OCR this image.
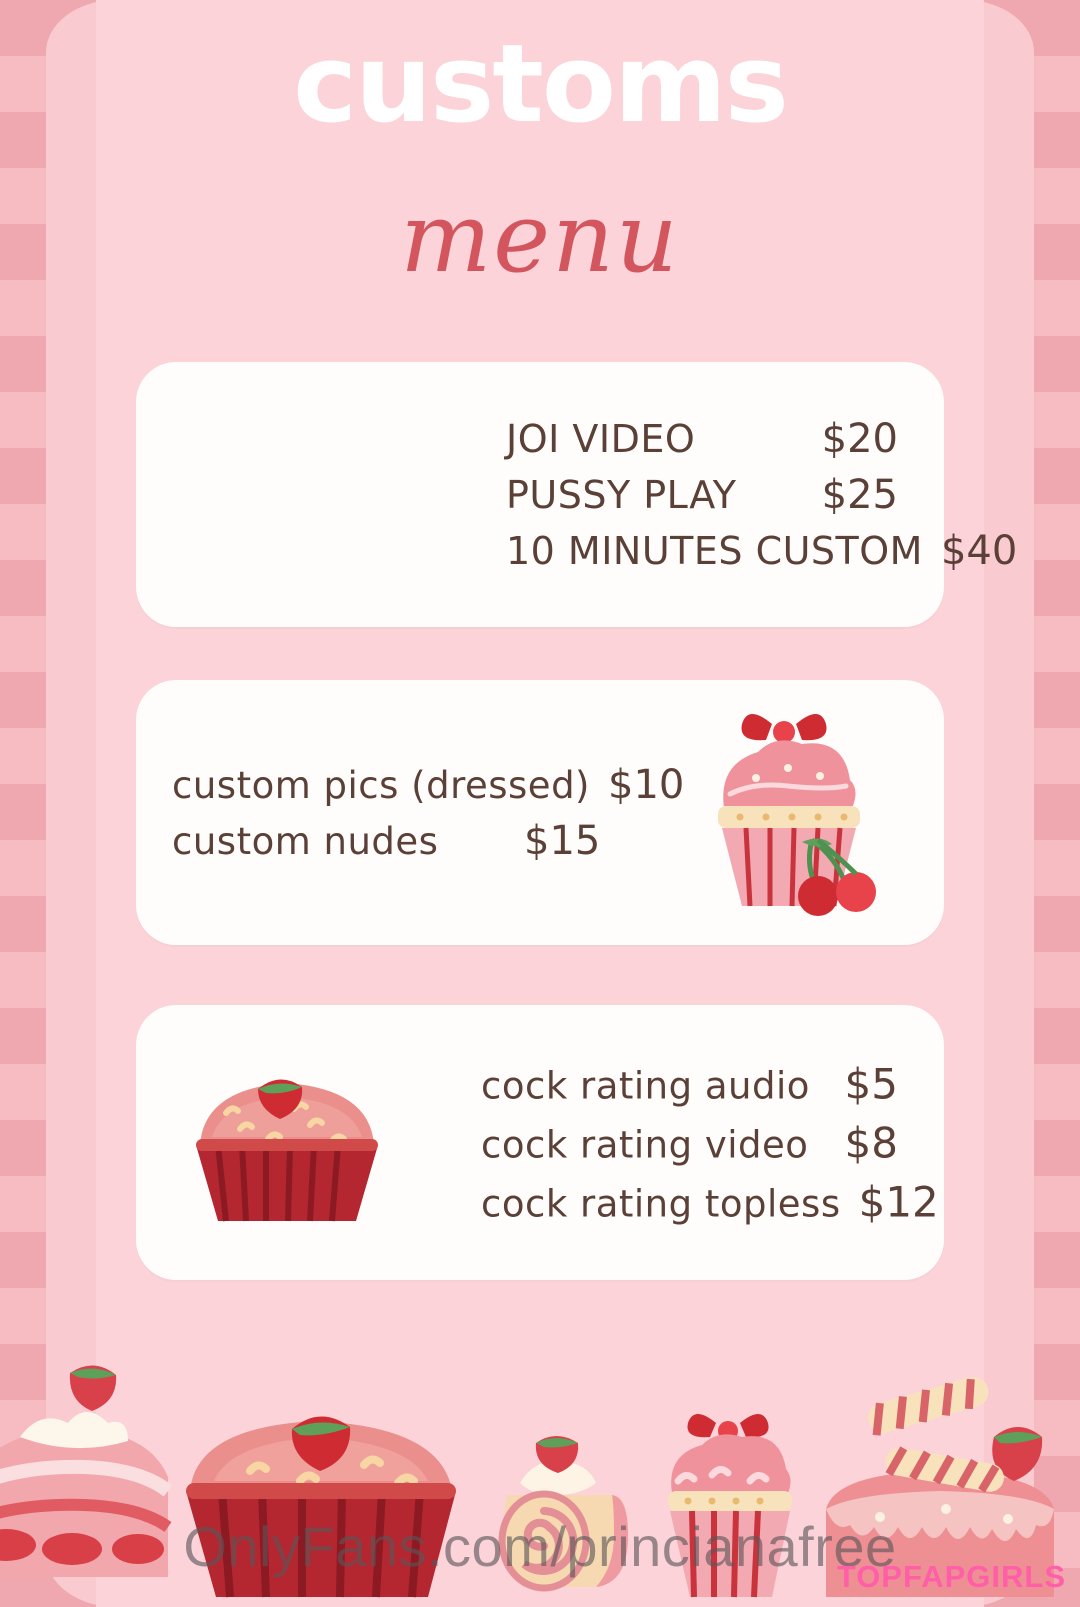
customs
menu
JOI VIDEO	$20
PUSSY PLAY $25
10 MINUTES CUSTOM $40
custom pics (dressed) $10
custom nudes	$15
cock rating audio $5
cock rating video $8
cock rating topless $12
OnlyFans.com/princianafree
TOPFAPGIRLS
